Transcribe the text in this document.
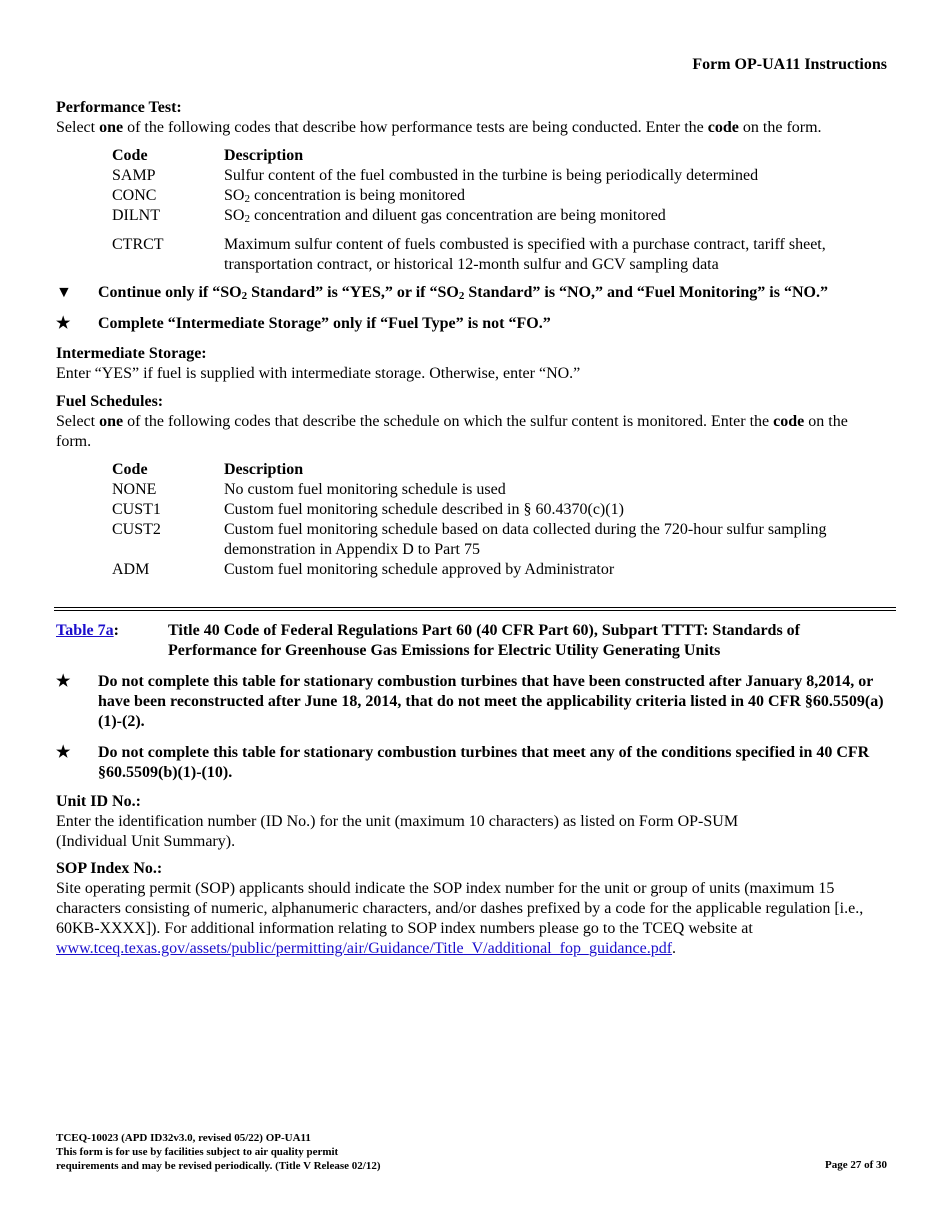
Form OP-UA11 Instructions

Performance Test:

Select one of the following codes that describe how performance tests are being conducted. Enter the code on the form.

Code	Description
SAMP	Sulfur content of the fuel combusted in the turbine is being periodically determined
CONC	$SO_2$ concentration is being monitored
DILNT	$SO_2$ concentration and diluent gas concentration are being monitored
CTRCT	Maximum sulfur content of fuels combusted is specified with a purchase contract, tariff sheet, transportation contract, or historical 12-month sulfur and GCV sampling data
▼	Continue only if “$SO_2$ Standard” is “YES,” or if “$SO_2$ Standard” is “NO,” and “Fuel Monitoring” is “NO.”
★	Complete “Intermediate Storage” only if “Fuel Type” is not “FO.”

Intermediate Storage:

Enter “YES” if fuel is supplied with intermediate storage. Otherwise, enter “NO.”

Fuel Schedules:

Select one of the following codes that describe the schedule on which the sulfur content is monitored. Enter the code on the form.

Code	Description
NONE	No custom fuel monitoring schedule is used
CUST1	Custom fuel monitoring schedule described in § 60.4370(c)(1)
CUST2	Custom fuel monitoring schedule based on data collected during the 720-hour sulfur sampling demonstration in Appendix D to Part 75
ADM	Custom fuel monitoring schedule approved by Administrator
Table 7a:	Title 40 Code of Federal Regulations Part 60 (40 CFR Part 60), Subpart TTTT: Standards of Performance for Greenhouse Gas Emissions for Electric Utility Generating Units
★	Do not complete this table for stationary combustion turbines that have been constructed after January 8,2014, or have been reconstructed after June 18, 2014, that do not meet the applicability criteria listed in 40 CFR §60.5509(a)(1)-(2).
★	Do not complete this table for stationary combustion turbines that meet any of the conditions specified in 40 CFR §60.5509(b)(1)-(10).

Unit ID No.:

Enter the identification number (ID No.) for the unit (maximum 10 characters) as listed on Form OP-SUM (Individual Unit Summary).

SOP Index No.:

Site operating permit (SOP) applicants should indicate the SOP index number for the unit or group of units (maximum 15 characters consisting of numeric, alphanumeric characters, and/or dashes prefixed by a code for the applicable regulation [i.e., 60KB-XXXX]). For additional information relating to SOP index numbers please go to the TCEQ website at www.tceq.texas.gov/assets/public/permitting/air/Guidance/Title_V/additional_fop_guidance.pdf.

TCEQ-10023 (APD ID32v3.0, revised 05/22) OP-UA11
This form is for use by facilities subject to air quality permit
requirements and may be revised periodically. (Title V Release 02/12)	Page 27 of 30
